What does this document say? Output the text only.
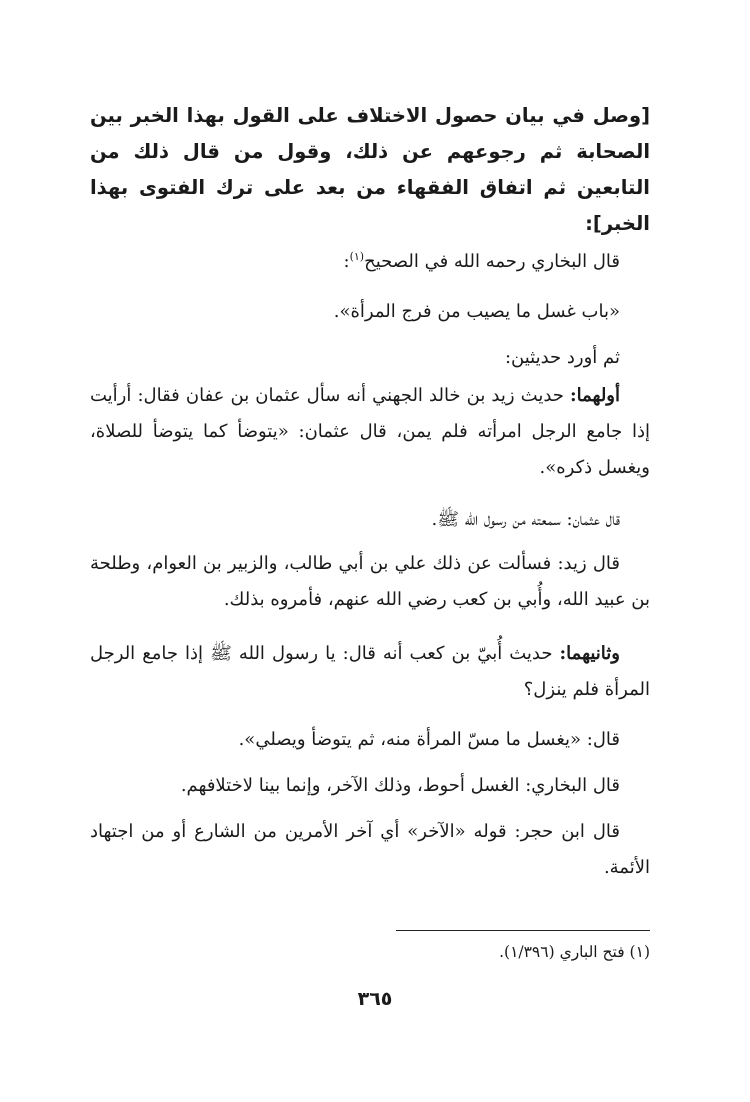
[وصل في بيان حصول الاختلاف على القول بهذا الخبر بين الصحابة ثم رجوعهم عن ذلك، وقول من قال ذلك من التابعين ثم اتفاق الفقهاء من بعد على ترك الفتوى بهذا الخبر]:
قال البخاري رحمه الله في الصحيح$^{(١)}$:
«باب غسل ما يصيب من فرج المرأة».
ثم أورد حديثين:
أولهما: حديث زيد بن خالد الجهني أنه سأل عثمان بن عفان فقال: أرأيت إذا جامع الرجل امرأته فلم يمن، قال عثمان: «يتوضأ كما يتوضأ للصلاة، ويغسل ذكره».
قال عثمان: سمعته من رسول الله ﷺ.
قال زيد: فسألت عن ذلك علي بن أبي طالب، والزبير بن العوام، وطلحة بن عبيد الله، وأُبي بن كعب رضي الله عنهم، فأمروه بذلك.
وثانيهما: حديث أُبيّ بن كعب أنه قال: يا رسول الله ﷺ إذا جامع الرجل المرأة فلم ينزل؟
قال: «يغسل ما مسّ المرأة منه، ثم يتوضأ ويصلي».
قال البخاري: الغسل أحوط، وذلك الآخر، وإنما بينا لاختلافهم.
قال ابن حجر: قوله «الآخر» أي آخر الأمرين من الشارع أو من اجتهاد الأئمة.
(١) فتح الباري (١/٣٩٦).
٣٦٥
